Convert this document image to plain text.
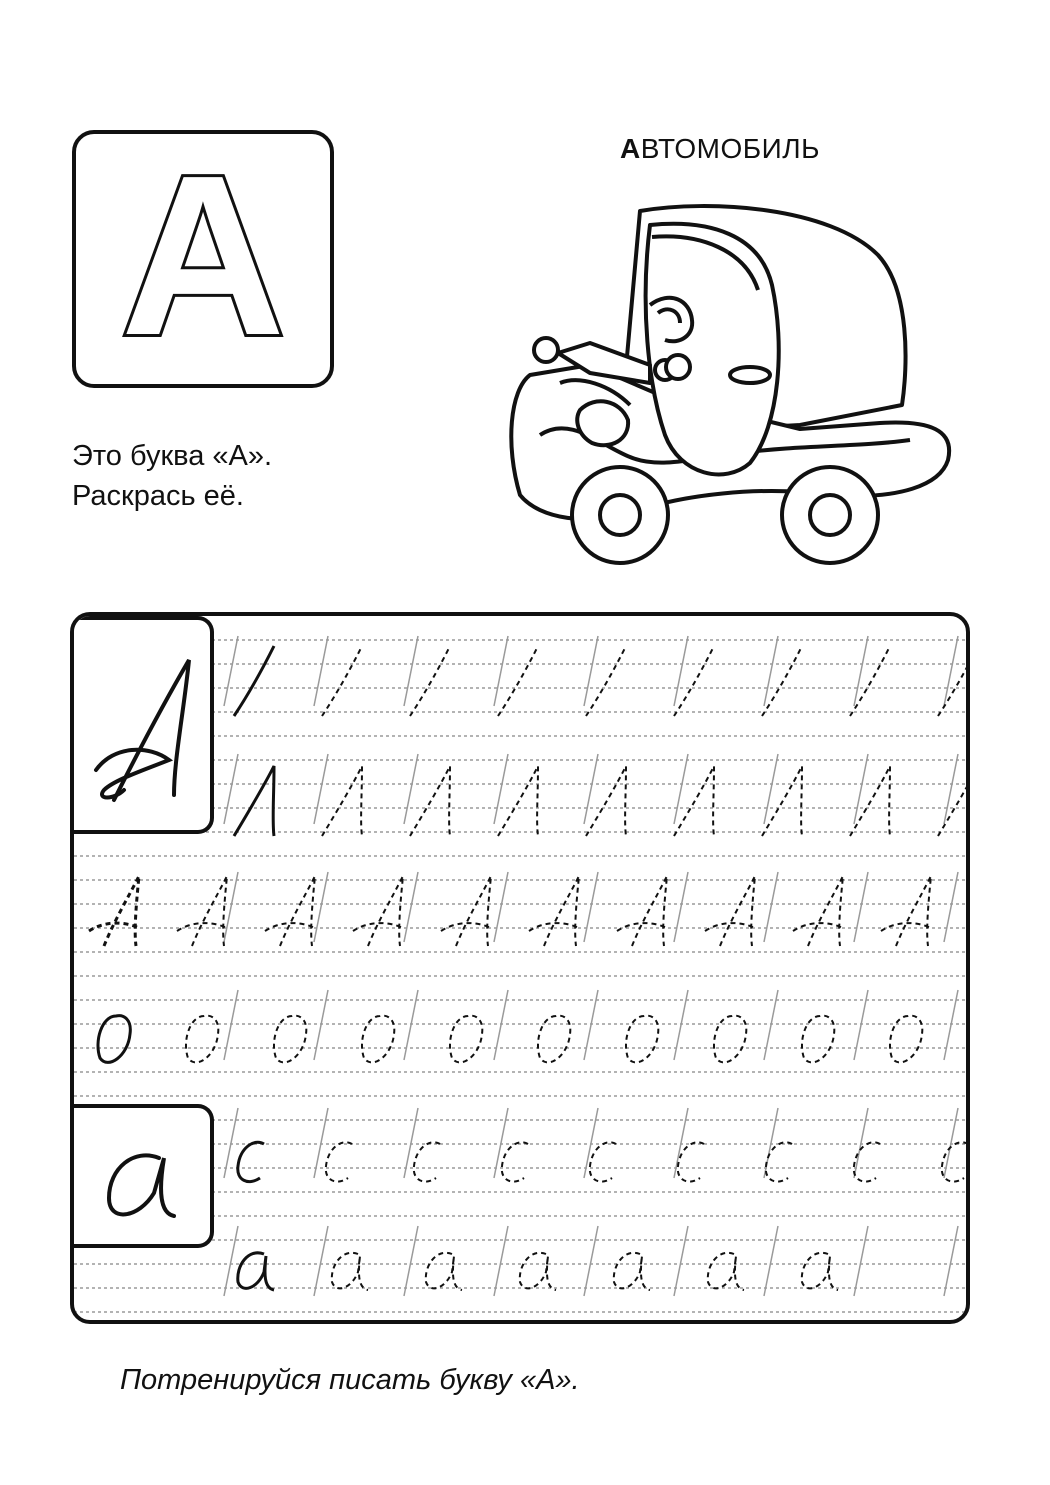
А	АВТОМОБИЛЬ
Это буква «А».
Раскрась её.
A
a
Потренируйся писать букву «А».
